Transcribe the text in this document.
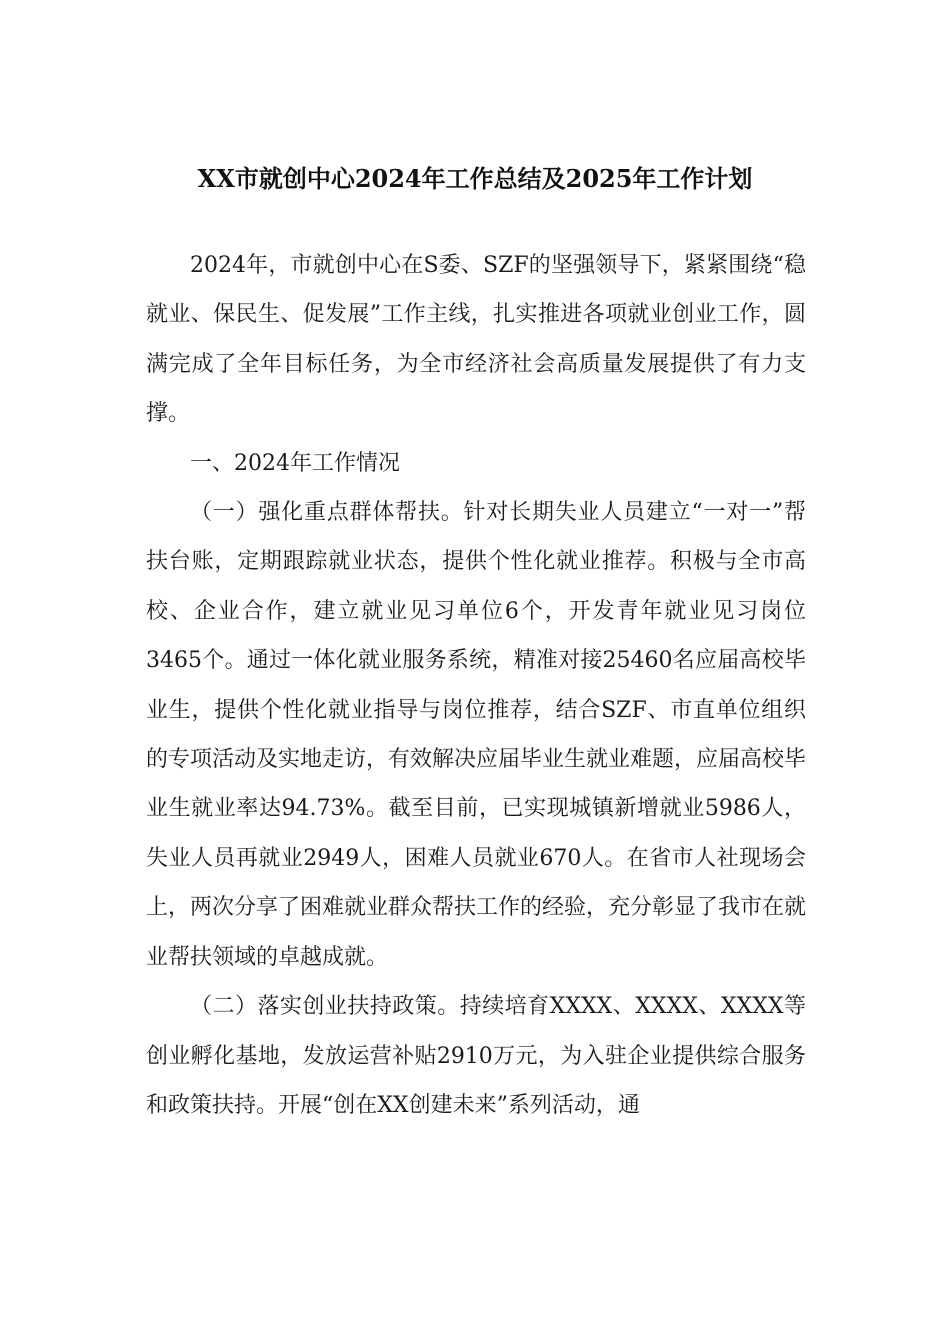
XX市就创中心2024年工作总结及2025年工作计划

2024年，市就创中心在S委、SZF的坚强领导下，紧紧围绕“稳就业、保民生、促发展”工作主线，扎实推进各项就业创业工作，圆满完成了全年目标任务，为全市经济社会高质量发展提供了有力支撑。

一、2024年工作情况

（一）强化重点群体帮扶。针对长期失业人员建立“一对一”帮扶台账，定期跟踪就业状态，提供个性化就业推荐。积极与全市高校、企业合作，建立就业见习单位6个，开发青年就业见习岗位3465个。通过一体化就业服务系统，精准对接25460名应届高校毕业生，提供个性化就业指导与岗位推荐，结合SZF、市直单位组织的专项活动及实地走访，有效解决应届毕业生就业难题，应届高校毕业生就业率达94.73%。截至目前，已实现城镇新增就业5986人，失业人员再就业2949人，困难人员就业670人。在省市人社现场会上，两次分享了困难就业群众帮扶工作的经验，充分彰显了我市在就业帮扶领域的卓越成就。

（二）落实创业扶持政策。持续培育XXXX、XXXX、XXXX等创业孵化基地，发放运营补贴2910万元，为入驻企业提供综合服务和政策扶持。开展“创在XX创建未来”系列活动，通
